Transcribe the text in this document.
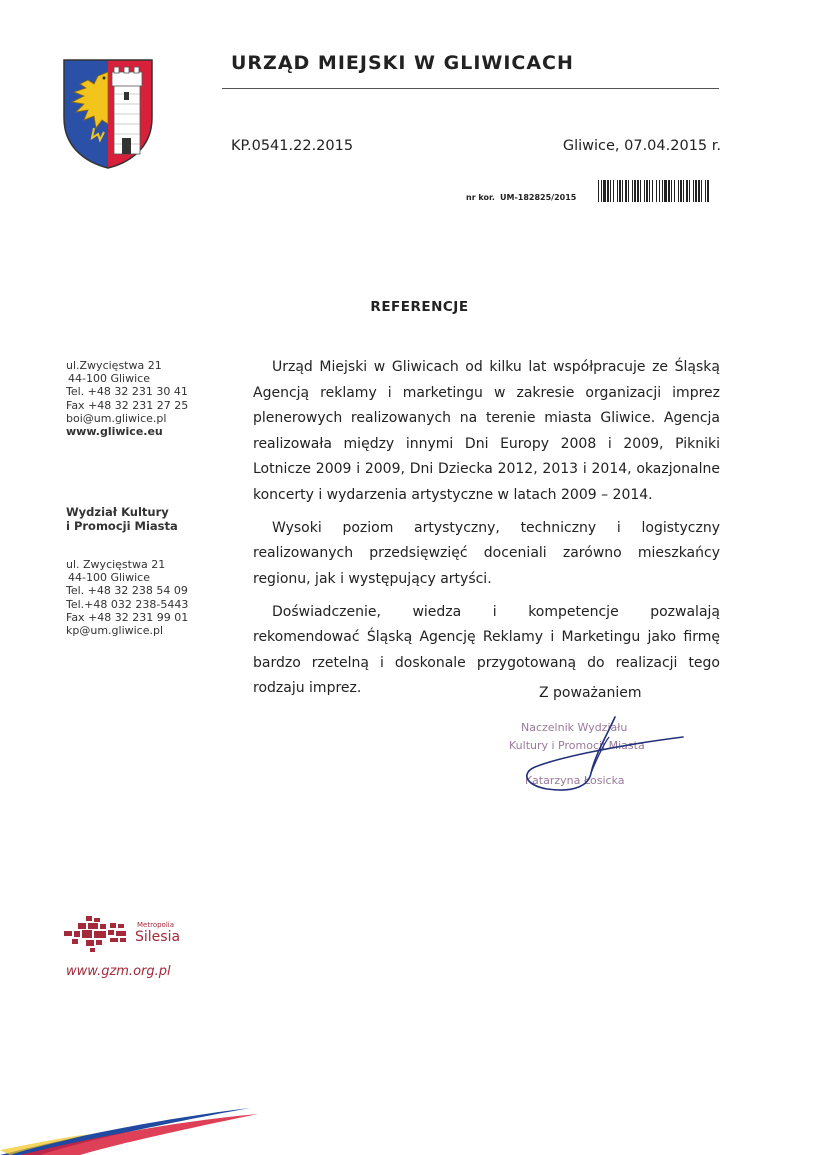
URZĄD MIEJSKI W GLIWICACH
KP.0541.22.2015	Gliwice, 07.04.2015 r.
nr kor. UM-182825/2015
REFERENCJE
ul.Zwycięstwa 21
44-100 Gliwice
Tel. +48 32 231 30 41
Fax +48 32 231 27 25
boi@um.gliwice.pl
www.gliwice.eu
Wydział Kultury
i Promocji Miasta
ul. Zwycięstwa 21
44-100 Gliwice
Tel. +48 32 238 54 09
Tel.+48 032 238-5443
Fax +48 32 231 99 01
kp@um.gliwice.pl

Urząd Miejski w Gliwicach od kilku lat współpracuje ze Śląską Agencją reklamy i marketingu w zakresie organizacji imprez plenerowych realizowanych na terenie miasta Gliwice. Agencja realizowała między innymi Dni Europy 2008 i 2009, Pikniki Lotnicze 2009 i 2009, Dni Dziecka 2012, 2013 i 2014, okazjonalne koncerty i wydarzenia artystyczne w latach 2009 – 2014.

Wysoki poziom artystyczny, techniczny i logistyczny realizowanych przedsięwzięć doceniali zarówno mieszkańcy regionu, jak i występujący artyści.

Doświadczenie, wiedza i kompetencje pozwalają rekomendować Śląską Agencję Reklamy i Marketingu jako firmę bardzo rzetelną i doskonale przygotowaną do realizacji tego rodzaju imprez.	Z poważaniem
Naczelnik Wydziału
Kultury i Promocji Miasta
Katarzyna Łosicka
Metropolia
Silesia
www.gzm.org.pl
